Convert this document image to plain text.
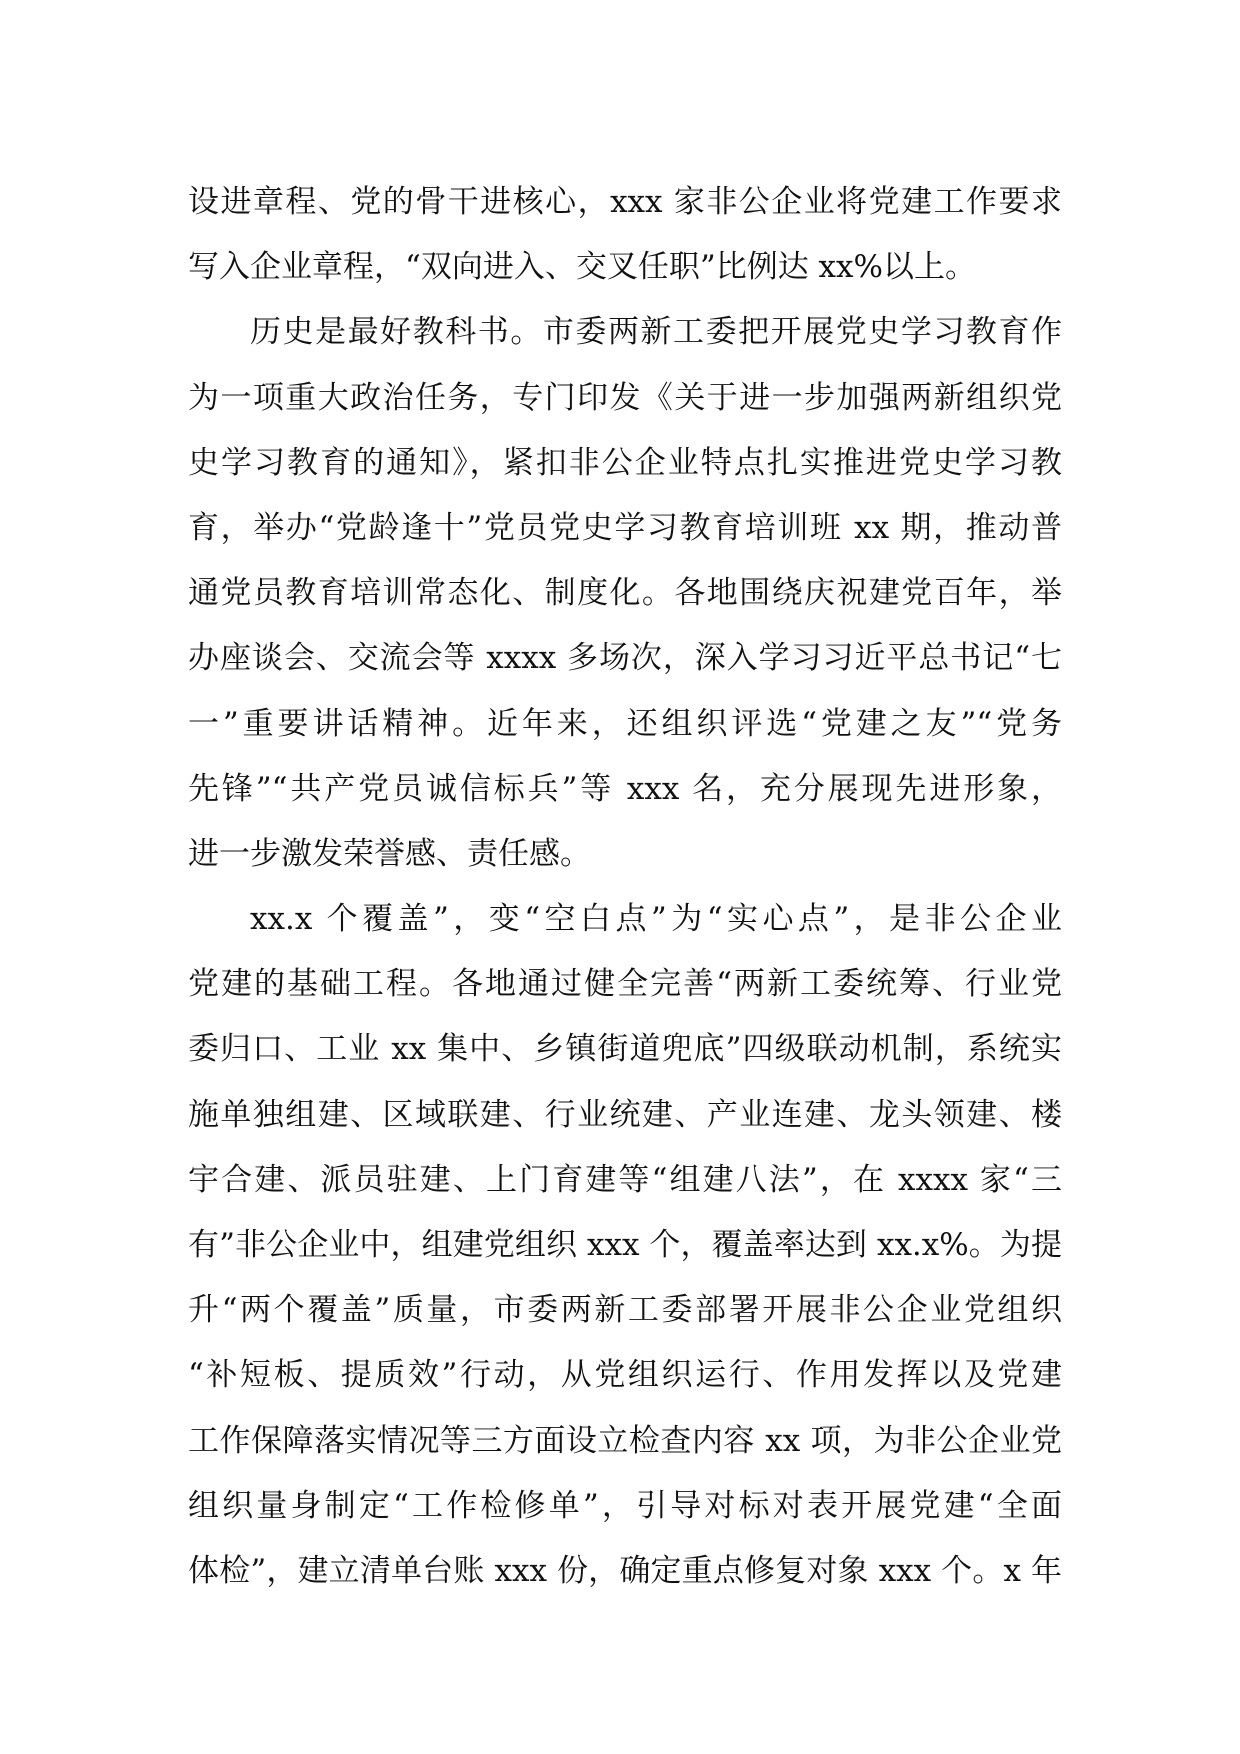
设进章程、党的骨干进核心，xxx 家非公企业将党建工作要求
写入企业章程，“双向进入、交叉任职”比例达 xx%以上。
历史是最好教科书。市委两新工委把开展党史学习教育作
为一项重大政治任务，专门印发《关于进一步加强两新组织党
史学习教育的通知》，紧扣非公企业特点扎实推进党史学习教
育，举办“党龄逢十”党员党史学习教育培训班 xx 期，推动普
通党员教育培训常态化、制度化。各地围绕庆祝建党百年，举
办座谈会、交流会等 xxxx 多场次，深入学习习近平总书记“七
一”重要讲话精神。近年来，还组织评选“党建之友”“党务
先锋”“共产党员诚信标兵”等 xxx 名，充分展现先进形象，
进一步激发荣誉感、责任感。
xx.x 个覆盖”，变“空白点”为“实心点”，是非公企业
党建的基础工程。各地通过健全完善“两新工委统筹、行业党
委归口、工业 xx 集中、乡镇街道兜底”四级联动机制，系统实
施单独组建、区域联建、行业统建、产业连建、龙头领建、楼
宇合建、派员驻建、上门育建等“组建八法”，在 xxxx 家“三
有”非公企业中，组建党组织 xxx 个，覆盖率达到 xx.x%。为提
升“两个覆盖”质量，市委两新工委部署开展非公企业党组织
“补短板、提质效”行动，从党组织运行、作用发挥以及党建
工作保障落实情况等三方面设立检查内容 xx 项，为非公企业党
组织量身制定“工作检修单”，引导对标对表开展党建“全面
体检”，建立清单台账 xxx 份，确定重点修复对象 xxx 个。x 年
